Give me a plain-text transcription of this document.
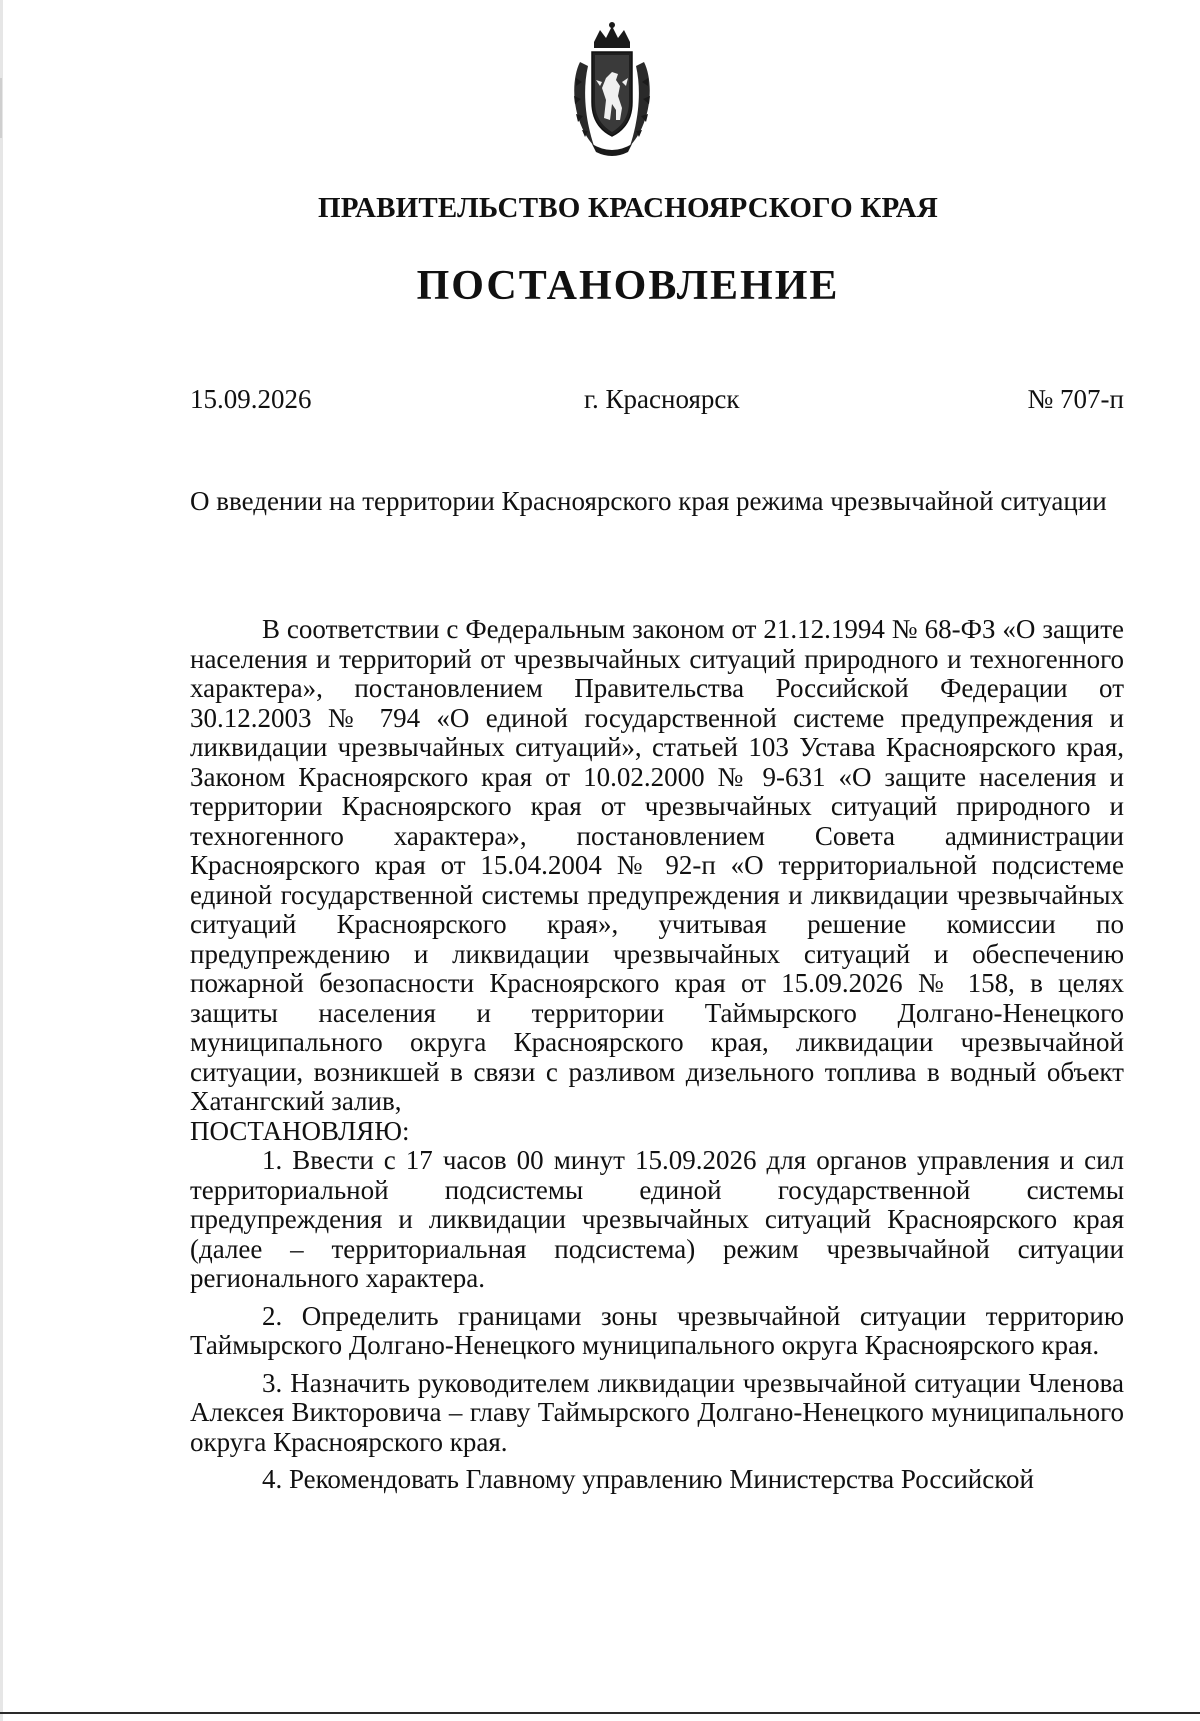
ПРАВИТЕЛЬСТВО КРАСНОЯРСКОГО КРАЯ
ПОСТАНОВЛЕНИЕ
15.09.2026	г. Красноярск	№ 707-п
О введении на территории Красноярского края режима чрезвычайной ситуации

В соответствии с Федеральным законом от 21.12.1994 № 68-ФЗ «О защите населения и территорий от чрезвычайных ситуаций природного и техногенного характера», постановлением Правительства Российской Федерации от 30.12.2003 № 794 «О единой государственной системе предупреждения и ликвидации чрезвычайных ситуаций», статьей 103 Устава Красноярского края, Законом Красноярского края от 10.02.2000 № 9-631 «О защите населения и территории Красноярского края от чрезвычайных ситуаций природного и техногенного характера», постановлением Совета администрации Красноярского края от 15.04.2004 № 92-п «О территориальной подсистеме единой государственной системы предупреждения и ликвидации чрезвычайных ситуаций Красноярского края», учитывая решение комиссии по предупреждению и ликвидации чрезвычайных ситуаций и обеспечению пожарной безопасности Красноярского края от 15.09.2026 № 158, в целях защиты населения и территории Таймырского Долгано-Ненецкого муниципального округа Красноярского края, ликвидации чрезвычайной ситуации, возникшей в связи с разливом дизельного топлива в водный объект Хатангский залив,

ПОСТАНОВЛЯЮ:

1. Ввести с 17 часов 00 минут 15.09.2026 для органов управления и сил территориальной подсистемы единой государственной системы предупреждения и ликвидации чрезвычайных ситуаций Красноярского края (далее – территориальная подсистема) режим чрезвычайной ситуации регионального характера.

2. Определить границами зоны чрезвычайной ситуации территорию Таймырского Долгано-Ненецкого муниципального округа Красноярского края.

3. Назначить руководителем ликвидации чрезвычайной ситуации Членова Алексея Викторовича – главу Таймырского Долгано-Ненецкого муниципального округа Красноярского края.

4. Рекомендовать Главному управлению Министерства Российской
